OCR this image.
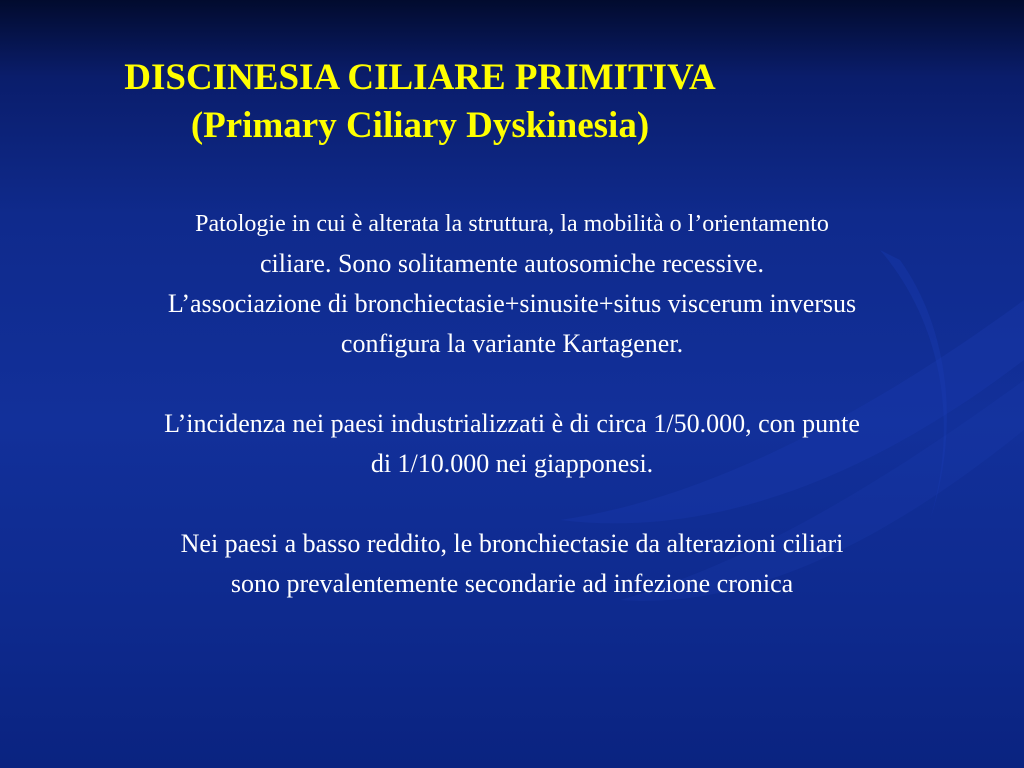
DISCINESIA CILIARE PRIMITIVA
(Primary Ciliary Dyskinesia)

Patologie in cui è alterata la struttura, la mobilità o l’orientamento
ciliare. Sono solitamente autosomiche recessive.
L’associazione di bronchiectasie+sinusite+situs viscerum inversus
configura la variante Kartagener.

L’incidenza nei paesi industrializzati è di circa 1/50.000, con punte
di 1/10.000 nei giapponesi.

Nei paesi a basso reddito, le bronchiectasie da alterazioni ciliari
sono prevalentemente secondarie ad infezione cronica
